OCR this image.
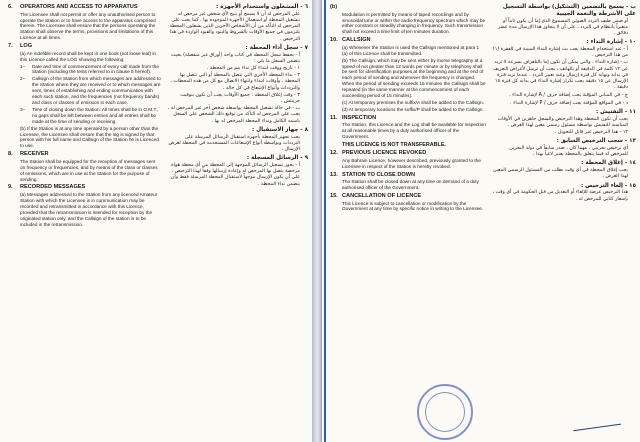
6.	OPERATORS AND ACCESS TO APPARATUS
The Licensee shall not permit or offer any unauthorised person to operate the Station or to have access to the apparatus comprised therein. The Licensee shall ensure that the persons operating the Station shall observe the terms, provisions and limitations of this Licence at all times.
7.	LOG
(a) An indelible record shall be kept in one book (not loose leaf) in this Licence called the LOG showing the following:
1–	Date and time of commencement of every call made from the Station (including the tests referred to in clause 5 hereof).
2–	Callsign of the Station from which messages are addressed to the Station where they are received or to which messages are sent, times of establishing and ending communication with each such station, and the frequencies (not frequency bands) and class or classes of emission in each case.
3–	Time of closing down the Station: All times shall be in G.M.T., no gaps shall be left between entries and all entries shall be made at the time of sending or receiving.
(b) If the Station is at any time operated by a person other than the Licensee, the Licensee shall ensure that the log is signed by that person with his full name and Callsign of the Station he is Licenced to use.
8.	RECEIVER
The Station shall be equipped for the reception of messages sent on frequency or frequencies, and by means of the class or classes of emissions, which are in use at the Station for the purpose of sending.
9.	RECORDED MESSAGES
(a) Messages addressed to the Station from any licenced Amateur Station with which the Licensee is in communication may be recorded and retransmitted in accordance with this Licence, provided that the retransmission is intended for reception by the originated station only, and the Callsign of the station is to be included in the retransmission.
٦ - المشغلون واستخدام الأجهزة :
على المرخص له أن لا يسمح أو يتيح لأي شخص غير مرخص له بتشغيل المحطة أو استعمال الأجهزة الموجودة بها . كما يجب على المرخص له التأكد من أن الأشخاص الآخرين الذين يشغلون المحطة يلتزمون في جميع الأوقات بالشروط والبنود والقيود الواردة في هذا الترخيص .
٧ - سجل أداء المحطة :
أ - يحفظ سجل المحطة في كتاب واحد (أوراق غير منفصلة) بحيث يتضمن السجل ما يلي :
١ - تاريخ ووقت ابتداء كل نداء يتم من المحطة .
٢ - نداء المحطة الأخرى التي تتصل بالمحطة أو التي تتصل بها المحطة ، وأوقات ابتداء وانتهاء الاتصال مع كل من هذه المحطات ، والترددات وأنواع الإشعاع في كل حالة .
٣ - وقت إغلاق المحطة : جميع الأوقات يجب أن تكون بتوقيت جرينتش .
ب - في حالة تشغيل المحطة بواسطة شخص آخر غير المرخص له ، يجب على المرخص له التأكد من توقيع ذلك الشخص على السجل باسمه الكامل ونداء المحطة المرخص له بها .
٨ - جهاز الاستقبال :
يجب تجهيز المحطة بأجهزة استقبال الرسائل المرسلة على الترددات وبواسطة أنواع الإشعاعات المستخدمة في المحطة لغرض الإرسال .
٩ - الرسائل المسجلة :
أ - يجوز تسجيل الرسائل الموجهة إلى المحطة من أي محطة هواة مرخصة يتصل بها المرخص له وإعادة إرسالها وفقاً لهذا الترخيص ، على أن يكون الإرسال موجهاً لاستقبال المحطة المرسلة فقط وأن يتضمن نداء المحطة .
(b)
Modulation is permitted by means of taped recordings and by sinusoidal tone or within the audio frequency spectrum which may be either constant or steadily changing in frequency. Such transmission shall not exceed a time limit of ten minutes duration.
10. CALLSIGN
(a) Whenever the Station is used the Callsign mentioned at para 1 (a) of this Licence shall be transmitted.
(b) The Callsign, which may be sent either by morse telegraphy at a speed of not greater than 12 words per minute or by telephony shall be sent for identification purposes at the beginning and at the end of each period of sending and whenever the frequency is changed. When the period of sending exceeds 15 minutes the Callsign shall be repeated (in the same manner at the commencement of each succeeding period of 15 minutes).
(c) At temporary premises the suffix/A shall be added to the Callsign.
(d) At temporary locations the suffix/P shall be added to the Callsign.
11. INSPECTION
The Station, this Licence and the Log shall be available for inspection at all reasonable times by a duly authorised officer of the Government.
THIS LICENCE IS NOT TRANSFERABLE.
12. PREVIOUS LICENCE REVOKED
Any Bahrain Licence, however described, previously granted to the Licensee in respect of the Station is hereby revoked.
13. STATION TO CLOSE DOWN
The Station shall be closed down at any time on demand of a duly authorised officer of the Government.
15. CANCELLATION OF LICENCE
This Licence is subject to cancellation or modification by the Government at any time by specific notice in writing to the Licensee.
ب - يسمح بالتضمين (التشكيل) بواسطة التسجيل على الأشرطة والنغمة الجيبية
أو ضمن طيف التردد الصوتي المسموع الذي إما أن يكون ثابتاً أو متغيراً بانتظام في التردد ، على أن لا يتجاوز هذا الإرسال مدة عشر دقائق .
١٠ - إشارة النداء :
أ - عند استخدام المحطة يجب بث إشارة النداء المبينة في الفقرة (١) من هذا الترخيص .
ب - إشارة النداء ، والتي يمكن أن تكون إما بالتلغراف بسرعة لا تزيد عن ١٢ كلمة في الدقيقة أو بالهاتف ، يجب أن ترسل لأغراض التعريف في بداية ونهاية كل فترة إرسال وعند تغيير التردد . عندما تزيد فترة الإرسال عن ١٥ دقيقة يجب تكرار إشارة النداء في بداية كل فترة ١٥ دقيقة .
ج - في المباني المؤقتة يجب إضافة حرف / A لإشارة النداء .
د - في المواقع المؤقتة يجب إضافة حرف / P لإشارة النداء .
١١ - التفتيش :
يجب أن تكون المحطة وهذا الترخيص والسجل جاهزين في الأوقات المناسبة للتفتيش بواسطة مسئول رسمي معين لهذا الغرض .
١٢ - هذا الترخيص غير قابل للتحويل .
١٣ - سحب الترخيص السابق :
أي ترخيص بحريني ، مهما كان ، صدر سابقاً في دولة البحرين للمرخص له فيما يتعلق بالمحطة يعتبر لاغياً بهذا .
١٤ - إغلاق المحطة :
يجب إغلاق المحطة في أي وقت بطلب من المسئول الرسمي المعين لهذا الغرض .
١٥ - إلغاء الترخيص :
هذا الترخيص عرضة للإلغاء أو التعديل من قبل الحكومة في أي وقت ، بإشعار كتابي للمرخص له .
